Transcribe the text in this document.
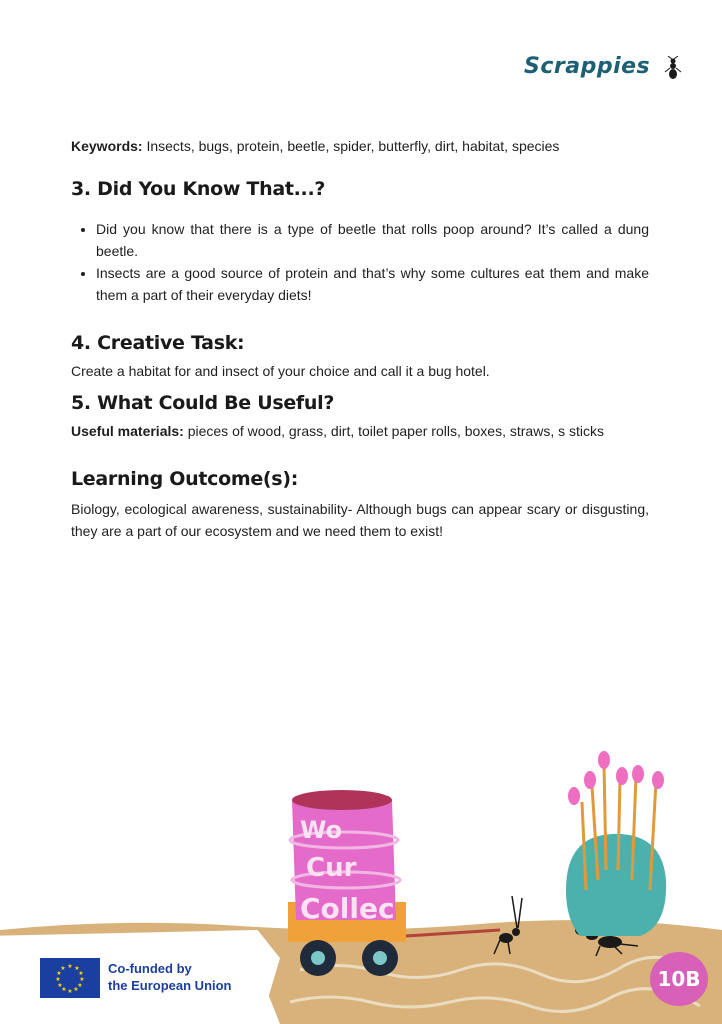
Scrappies

Keywords: Insects, bugs, protein, beetle, spider, butterfly, dirt, habitat, species

3. Did You Know That...?
• Did you know that there is a type of beetle that rolls poop around? It’s called a dung beetle.
• Insects are a good source of protein and that’s why some cultures eat them and make them a part of their everyday diets!
4. Creative Task:

Create a habitat for and insect of your choice and call it a bug hotel.

5. What Could Be Useful?

Useful materials: pieces of wood, grass, dirt, toilet paper rolls, boxes, straws, s sticks

Learning Outcome(s):

Biology, ecological awareness, sustainability- Although bugs can appear scary or disgusting, they are a part of our ecosystem and we need them to exist!

Wo
Cur
Collec
★ ★
★
★
★
★
★
★
★
★
★
★	Co-funded by
the European Union	10B
